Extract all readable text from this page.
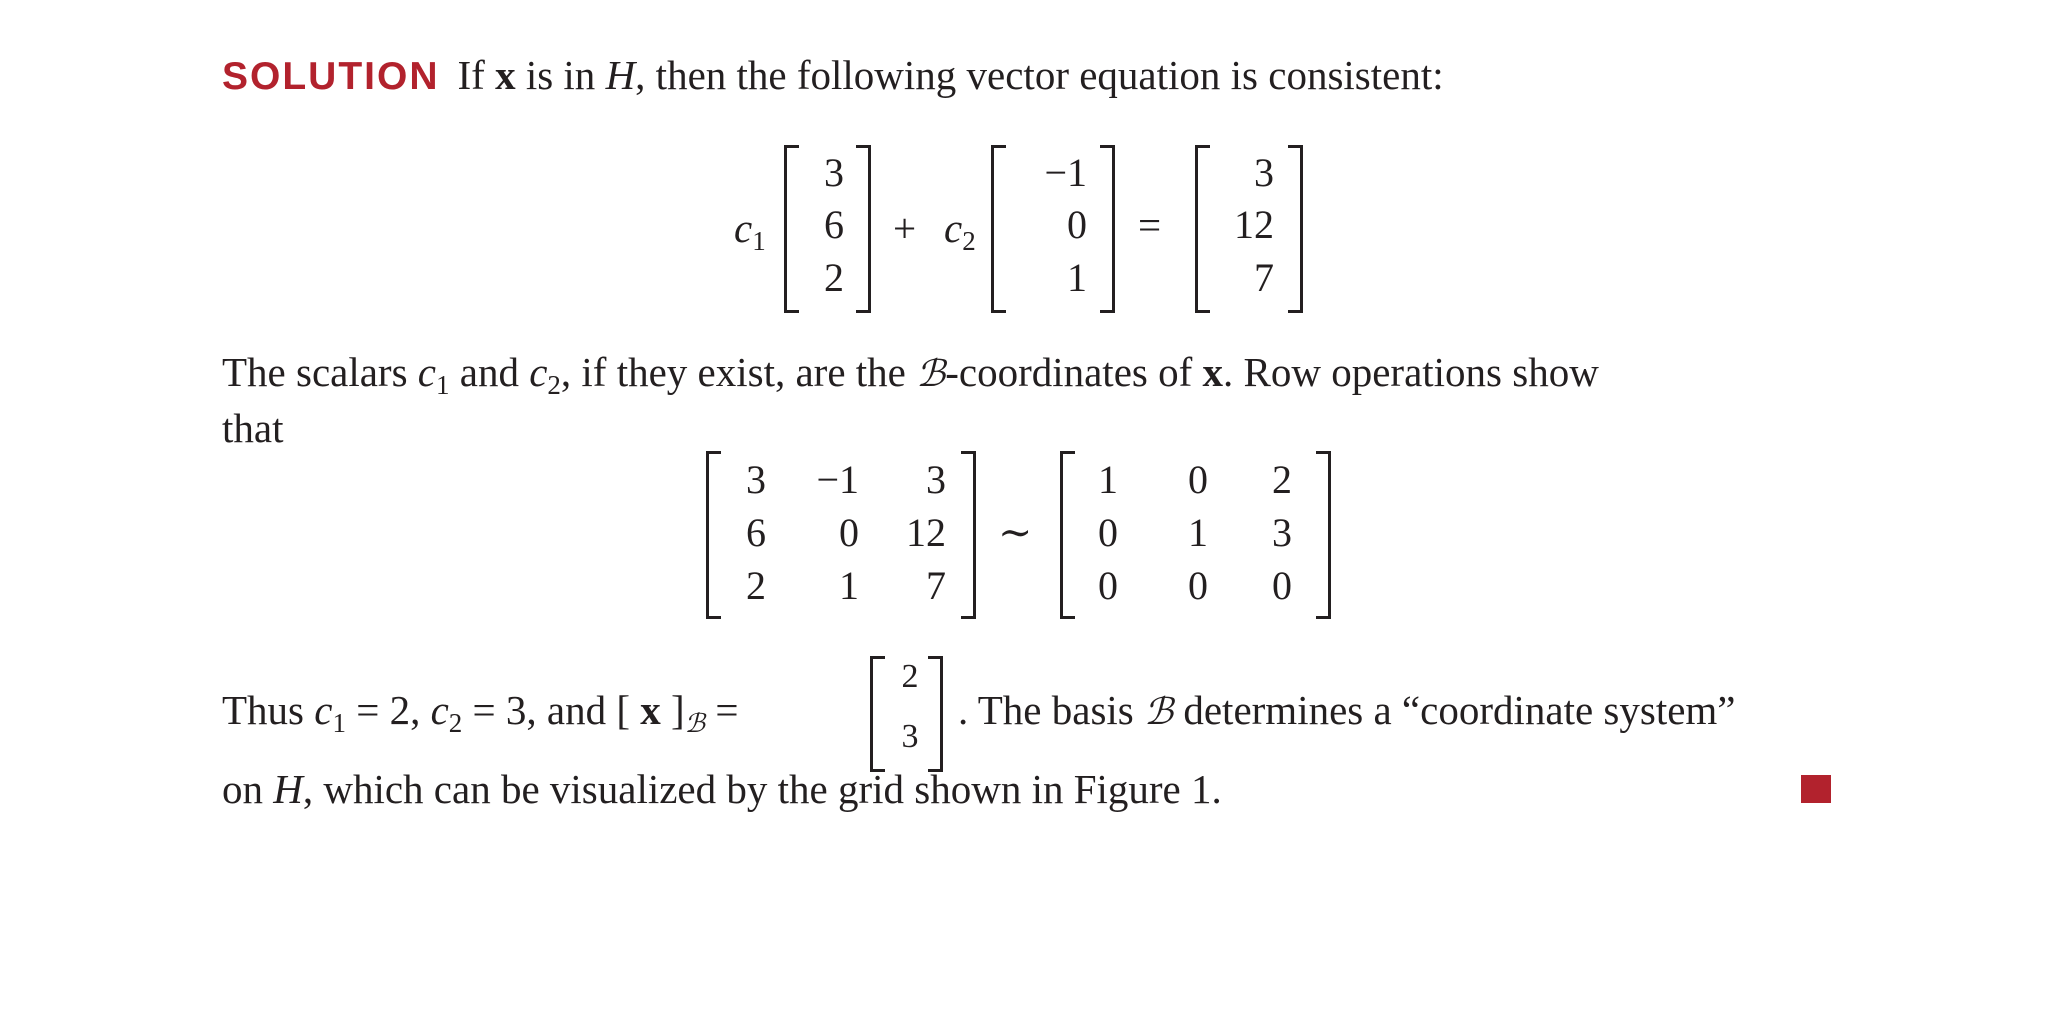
SOLUTION If x is in H, then the following vector equation is consistent:
$c_1$
3
6
2
+ $c_2$
−1
0
1
=
3
12
7
The scalars $c_1$ and $c_2$, if they exist, are the ℬ-coordinates of x. Row operations show
that
3	−1	3
6	0	12
2	1	7
∼
1	0	2
0	1	3
0	0	0
Thus $c_1 = 2$, $c_2 = 3$, and [ x ]$_ℬ$ =
2
3
. The basis ℬ determines a “coordinate system”
on H, which can be visualized by the grid shown in Figure 1.
